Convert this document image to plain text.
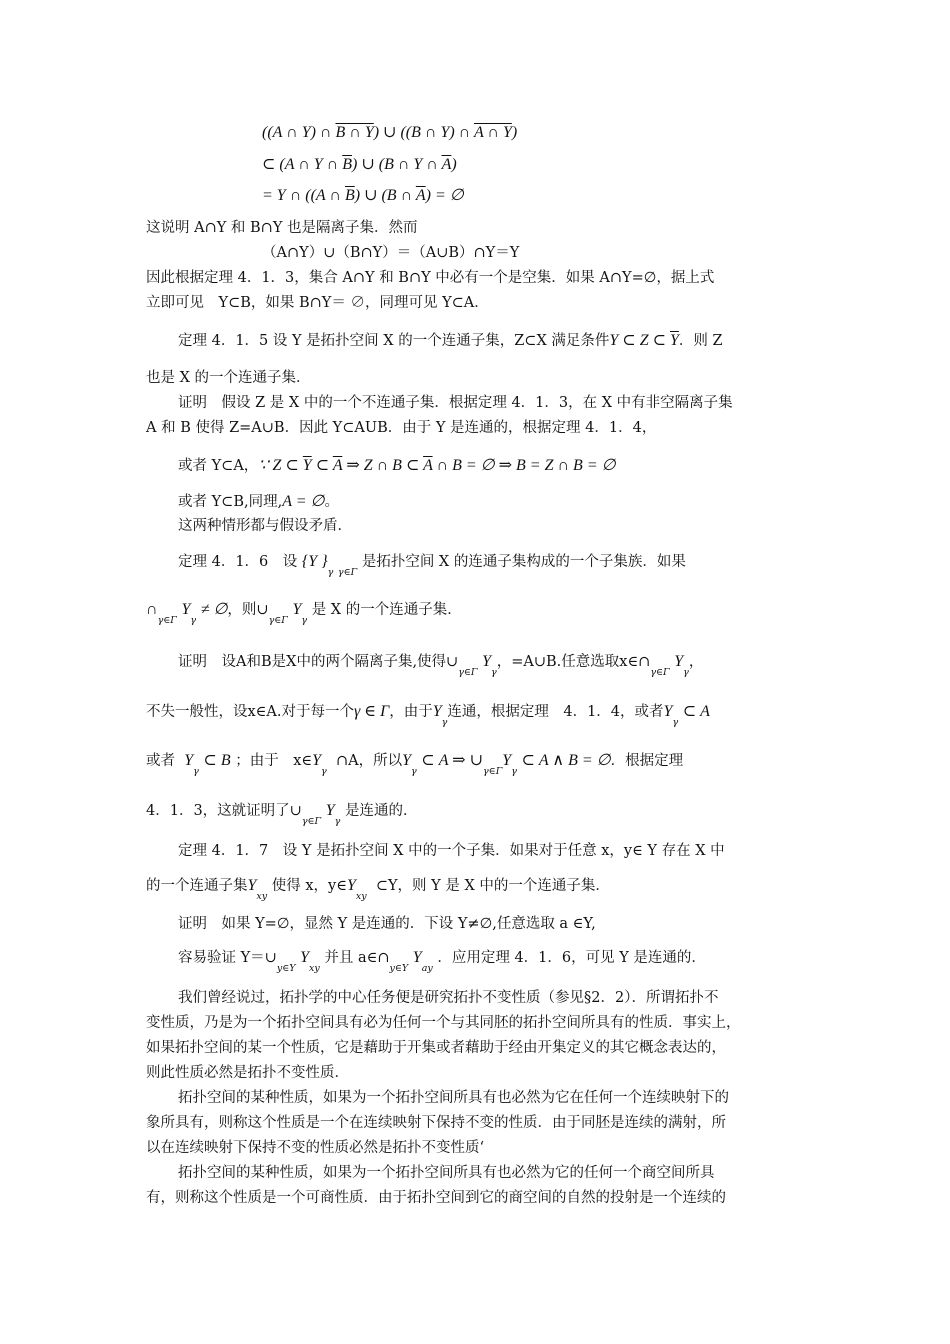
((A ∩ Y) ∩ B ∩ Y) ∪ ((B ∩ Y) ∩ A ∩ Y)
⊂ (A ∩ Y ∩ $\overline{B}$) ∪ (B ∩ Y ∩ $\overline{A}$)
= Y ∩ ((A ∩ $\overline{B}$) ∪ (B ∩ $\overline{A}$) = ∅
这说明 A∩Y 和 B∩Y 也是隔离子集．然而
（A∩Y）∪（B∩Y）＝（A∪B）∩Y＝Y
因此根据定理 4．1．3，集合 A∩Y 和 B∩Y 中必有一个是空集．如果 A∩Y=∅，据上式
立即可见　Y⊂B，如果 B∩Y＝ ∅，同理可见 Y⊂A．
定理 4．1．5 设 Y 是拓扑空间 X 的一个连通子集，Z⊂X 满足条件Y ⊂ Z ⊂ $\overline{Y}$．则 Z
也是 X 的一个连通子集．
证明　假设 Z 是 X 中的一个不连通子集．根据定理 4．1．3，在 X 中有非空隔离子集
A 和 B 使得 Z=A∪B．因此 Y⊂AUB．由于 Y 是连通的，根据定理 4．1．4，
或者 Y⊂A，∵ Z ⊂ $\overline{Y}$ ⊂ $\overline{A}$ ⇒ Z ∩ B ⊂ $\overline{A}$ ∩ B = ∅ ⇒ B = Z ∩ B = ∅
或者 Y⊂B,同理,A = ∅。
这两种情形都与假设矛盾．
定理 4．1．6　设 {Y }$_\gamma$ $_{\gamma\in\Gamma}$ 是拓扑空间 X 的连通子集构成的一个子集族．如果
$\cap_{\gamma\in\Gamma}$ $Y_\gamma$ ≠ ∅，则$\cup_{\gamma\in\Gamma}$ $Y_\gamma$ 是 X 的一个连通子集．
证明　设A和B是X中的两个隔离子集,使得$\cup_{\gamma\in\Gamma}$ $Y_\gamma$，=A∪B.任意选取$x\in\cap_{\gamma\in\Gamma}$ $Y_\gamma$，
不失一般性，设x∈A.对于每一个γ ∈ Γ，由于$Y_\gamma$连通，根据定理　4．1．4，或者$Y_\gamma$ ⊂ A
或者 $Y_\gamma$ ⊂ B ；由于　$x\in Y_\gamma$  ∩A，所以$Y_\gamma$ ⊂ A ⇒ $\cup_{\gamma\in\Gamma}Y_\gamma$ ⊂ A ∧ B = ∅．根据定理
4．1．3，这就证明了$\cup_{\gamma\in\Gamma}$ $Y_\gamma$ 是连通的．
定理 4．1．7　设 Y 是拓扑空间 X 中的一个子集．如果对于任意 x，y∈ Y 存在 X 中
的一个连通子集$Y_{xy}$ 使得 x，$y\in Y_{xy}$  ⊂Y，则 Y 是 X 中的一个连通子集．
证明　如果 Y=∅，显然 Y 是连通的．下设 Y≠∅,任意选取 a ∈Y,
容易验证 $Y=\cup_{y\in Y}$ $Y_{xy}$ 并且 $a\in\cap_{y\in Y}$ $Y_{ay}$ ．应用定理 4．1．6，可见 Y 是连通的．
我们曾经说过，拓扑学的中心任务便是研究拓扑不变性质（参见§2．2）．所谓拓扑不
变性质，乃是为一个拓扑空间具有必为任何一个与其同胚的拓扑空间所具有的性质．事实上，
如果拓扑空间的某一个性质，它是藉助于开集或者藉助于经由开集定义的其它概念表达的，
则此性质必然是拓扑不变性质．
拓扑空间的某种性质，如果为一个拓扑空间所具有也必然为它在任何一个连续映射下的
象所具有，则称这个性质是一个在连续映射下保持不变的性质．由于同胚是连续的满射，所
以在连续映射下保持不变的性质必然是拓扑不变性质‘
拓扑空间的某种性质，如果为一个拓扑空间所具有也必然为它的任何一个商空间所具
有，则称这个性质是一个可商性质．由于拓扑空间到它的商空间的自然的投射是一个连续的
